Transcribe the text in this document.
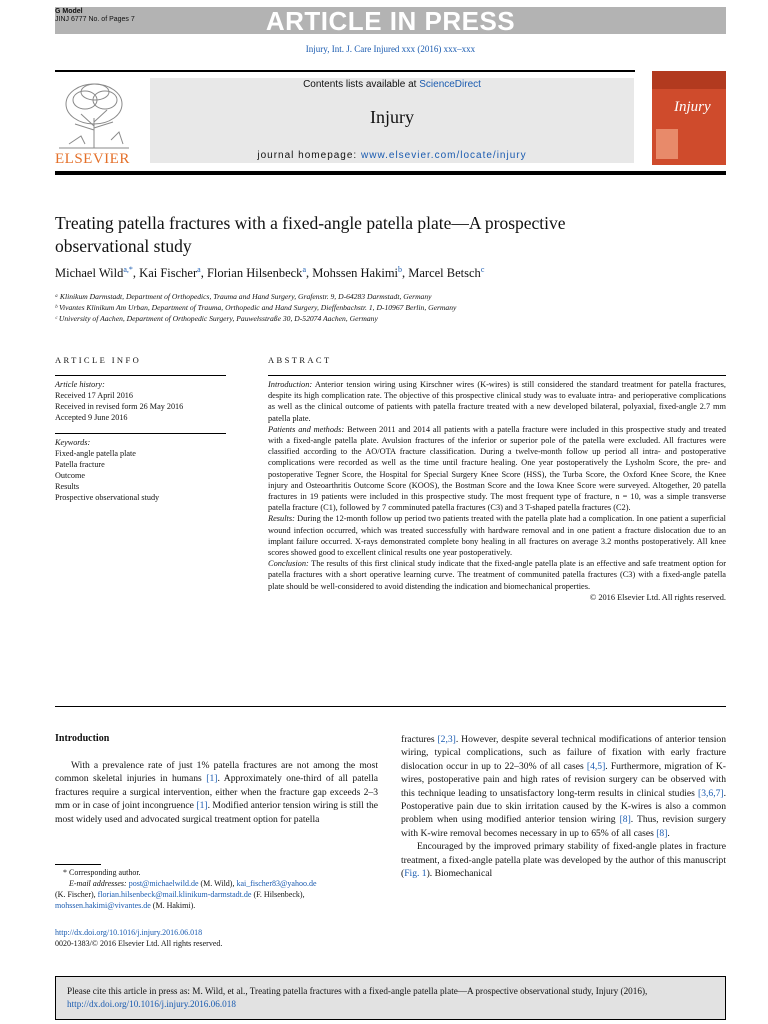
G Model
JINJ 6777 No. of Pages 7	ARTICLE IN PRESS
Injury, Int. J. Care Injured xxx (2016) xxx–xxx
ELSEVIER
Contents lists available at ScienceDirect
Injury
journal homepage: www.elsevier.com/locate/injury
Injury
Treating patella fractures with a fixed-angle patella plate—A prospective observational study
Michael Wild$^{a,*}$, Kai Fischer$^a$, Florian Hilsenbeck$^a$, Mohssen Hakimi$^b$, Marcel Betsch$^c$
ᵃ Klinikum Darmstadt, Department of Orthopedics, Trauma and Hand Surgery, Grafenstr. 9, D-64283 Darmstadt, Germany
ᵇ Vivantes Klinikum Am Urban, Department of Trauma, Orthopedic and Hand Surgery, Dieffenbachstr. 1, D-10967 Berlin, Germany
ᶜ University of Aachen, Department of Orthopedic Surgery, Pauwelsstraße 30, D-52074 Aachen, Germany
ARTICLE INFO
Article history:
Received 17 April 2016
Received in revised form 26 May 2016
Accepted 9 June 2016
Keywords:
Fixed-angle patella plate
Patella fracture
Outcome
Results
Prospective observational study
ABSTRACT

Introduction: Anterior tension wiring using Kirschner wires (K-wires) is still considered the standard treatment for patella fractures, despite its high complication rate. The objective of this prospective clinical study was to evaluate intra- and perioperative complications as well as the clinical outcome of patients with patella fracture treated with a new developed bilateral, polyaxial, fixed-angle 2.7 mm patella plate.

Patients and methods: Between 2011 and 2014 all patients with a patella fracture were included in this prospective study and treated with a fixed-angle patella plate. Avulsion fractures of the inferior or superior pole of the patella were excluded. All fractures were classified according to the AO/OTA fracture classification. During a twelve-month follow up period all intra- and postoperative complications were recorded as well as the time until fracture healing. One year postoperatively the Lysholm Score, the pre- and postoperative Tegner Score, the Hospital for Special Surgery Knee Score (HSS), the Turba Score, the Oxford Knee Score, the Knee injury and Osteoarthritis Outcome Score (KOOS), the Bostman Score and the Iowa Knee Score were surveyed. Altogether, 20 patella fractures in 19 patients were included in this prospective study. The most frequent type of fracture, n = 10, was a simple transverse patella fracture (C1), followed by 7 comminuted patella fractures (C3) and 3 T-shaped patella fractures (C2).

Results: During the 12-month follow up period two patients treated with the patella plate had a complication. In one patient a superficial wound infection occurred, which was treated successfully with hardware removal and in one patient a fracture dislocation due to an implant failure occurred. X-rays demonstrated complete bony healing in all fractures on average 3.2 months postoperatively. All knee scores showed good to excellent clinical results one year postoperatively.

Conclusion: The results of this first clinical study indicate that the fixed-angle patella plate is an effective and safe treatment option for patella fractures with a short operative learning curve. The treatment of communited patella fractures (C3) with a fixed-angle patella plate should be well-considered to avoid distending the indication and biomechanical properties.

© 2016 Elsevier Ltd. All rights reserved.

Introduction

With a prevalence rate of just 1% patella fractures are not among the most common skeletal injuries in humans [1]. Approximately one-third of all patella fractures require a surgical intervention, either when the fracture gap exceeds 2–3 mm or in case of joint incongruence [1]. Modified anterior tension wiring is still the most widely used and advocated surgical treatment option for patella

fractures [2,3]. However, despite several technical modifications of anterior tension wiring, typical complications, such as failure of fixation with early fracture dislocation occur in up to 22–30% of all cases [4,5]. Furthermore, migration of K-wires, postoperative pain and high rates of revision surgery can be observed with this technique leading to unsatisfactory long-term results in clinical studies [3,6,7]. Postoperative pain due to skin irritation caused by the K-wires is also a common problem when using modified anterior tension wiring [8]. Thus, revision surgery with K-wire removal becomes necessary in up to 65% of all cases [8].

Encouraged by the improved primary stability of fixed-angle plates in fracture treatment, a fixed-angle patella plate was developed by the author of this manuscript (Fig. 1). Biomechanical

* Corresponding author.
E-mail addresses: post@michaelwild.de (M. Wild), kai_fischer83@yahoo.de
(K. Fischer), florian.hilsenbeck@mail.klinikum-darmstadt.de (F. Hilsenbeck),
mohssen.hakimi@vivantes.de (M. Hakimi).
http://dx.doi.org/10.1016/j.injury.2016.06.018
0020-1383/© 2016 Elsevier Ltd. All rights reserved.
Please cite this article in press as: M. Wild, et al., Treating patella fractures with a fixed-angle patella plate—A prospective observational study, Injury (2016), http://dx.doi.org/10.1016/j.injury.2016.06.018
